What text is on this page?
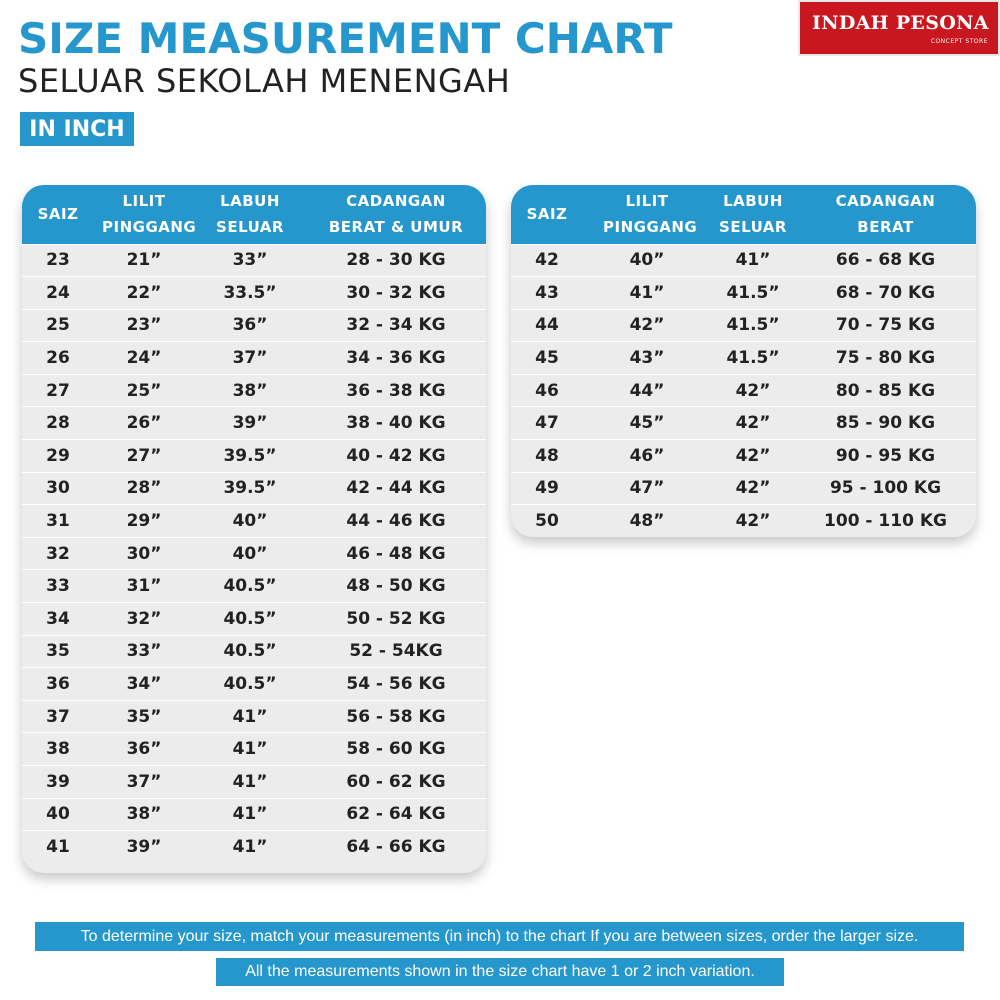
SIZE MEASUREMENT CHART
SELUAR SEKOLAH MENENGAH
IN INCH
INDAH PESONA
CONCEPT STORE
SAIZ	LILIT PINGGANG	LABUH SELUAR	CADANGAN BERAT & UMUR
23	21”	33”	28 - 30 KG
24	22”	33.5”	30 - 32 KG
25	23”	36”	32 - 34 KG
26	24”	37”	34 - 36 KG
27	25”	38”	36 - 38 KG
28	26”	39”	38 - 40 KG
29	27”	39.5”	40 - 42 KG
30	28”	39.5”	42 - 44 KG
31	29”	40”	44 - 46 KG
32	30”	40”	46 - 48 KG
33	31”	40.5”	48 - 50 KG
34	32”	40.5”	50 - 52 KG
35	33”	40.5”	52 - 54KG
36	34”	40.5”	54 - 56 KG
37	35”	41”	56 - 58 KG
38	36”	41”	58 - 60 KG
39	37”	41”	60 - 62 KG
40	38”	41”	62 - 64 KG
41	39”	41”	64 - 66 KG
SAIZ	LILIT PINGGANG	LABUH SELUAR	CADANGAN BERAT
42	40”	41”	66 - 68 KG
43	41”	41.5”	68 - 70 KG
44	42”	41.5”	70 - 75 KG
45	43”	41.5”	75 - 80 KG
46	44”	42”	80 - 85 KG
47	45”	42”	85 - 90 KG
48	46”	42”	90 - 95 KG
49	47”	42”	95 - 100 KG
50	48”	42”	100 - 110 KG
To determine your size, match your measurements (in inch) to the chart If you are between sizes, order the larger size.
All the measurements shown in the size chart have 1 or 2 inch variation.
